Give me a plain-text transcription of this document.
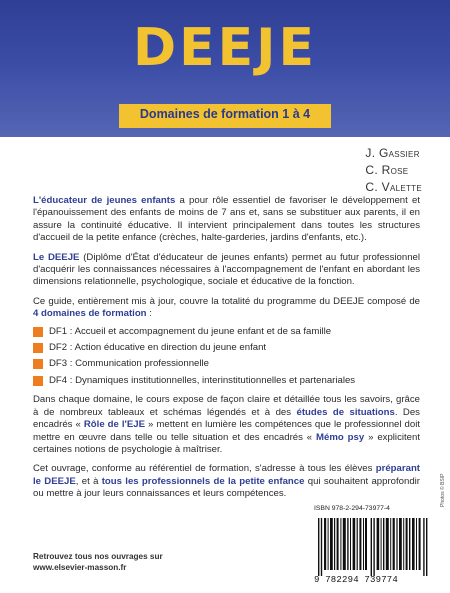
DEEJE
Domaines de formation 1 à 4
J. Gassier
C. Rose
C. Valette

L'éducateur de jeunes enfants a pour rôle essentiel de favoriser le développement et l'épanouissement des enfants de moins de 7 ans et, sans se substituer aux parents, il en assure la continuité éducative. Il intervient principalement dans toutes les structures d'accueil de la petite enfance (crèches, halte-garderies, jardins d'enfants, etc.).

Le DEEJE (Diplôme d'État d'éducateur de jeunes enfants) permet au futur professionnel d'acquérir les connaissances nécessaires à l'accompagnement de l'enfant en abordant les dimensions relationnelle, psychologique, sociale et éducative de la fonction.

Ce guide, entièrement mis à jour, couvre la totalité du programme du DEEJE composé de 4 domaines de formation :

DF1 : Accueil et accompagnement du jeune enfant et de sa famille
DF2 : Action éducative en direction du jeune enfant
DF3 : Communication professionnelle
DF4 : Dynamiques institutionnelles, interinstitutionnelles et partenariales

Dans chaque domaine, le cours expose de façon claire et détaillée tous les savoirs, grâce à de nombreux tableaux et schémas légendés et à des études de situations. Des encadrés « Rôle de l'EJE » mettent en lumière les compétences que le professionnel doit mettre en œuvre dans telle ou telle situation et des encadrés « Mémo psy » explicitent certaines notions de psychologie à maîtriser.

Cet ouvrage, conforme au référentiel de formation, s'adresse à tous les élèves préparant le DEEJE, et à tous les professionnels de la petite enfance qui souhaitent approfondir ou mettre à jour leurs connaissances et leurs compétences.

Retrouvez tous nos ouvrages sur
www.elsevier-masson.fr
ISBN 978-2-294-73977-4
9 782294 739774
Photos © BSIP
